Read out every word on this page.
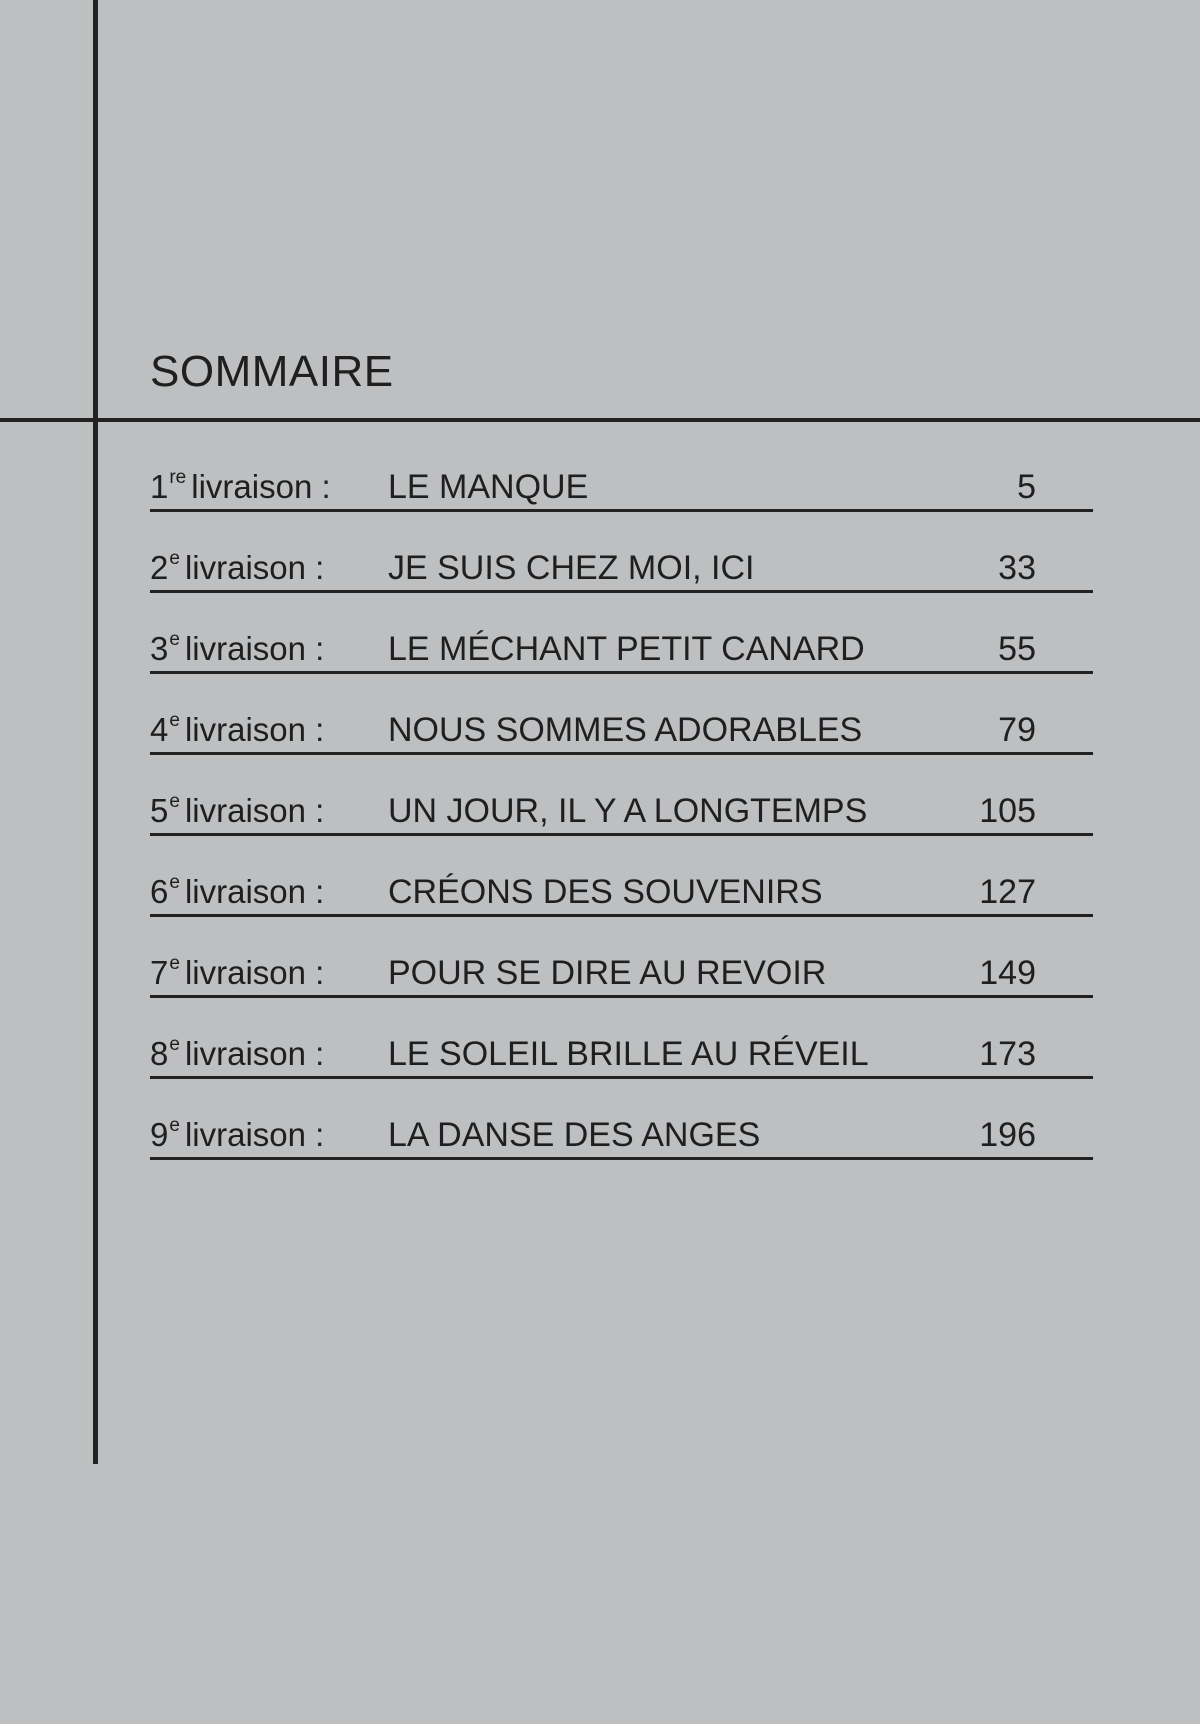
SOMMAIRE
1re livraison : LE MANQUE	5
2e livraison : JE SUIS CHEZ MOI, ICI	33
3e livraison : LE MÉCHANT PETIT CANARD	55
4e livraison : NOUS SOMMES ADORABLES	79
5e livraison : UN JOUR, IL Y A LONGTEMPS	105
6e livraison : CRÉONS DES SOUVENIRS	127
7e livraison : POUR SE DIRE AU REVOIR	149
8e livraison : LE SOLEIL BRILLE AU RÉVEIL	173
9e livraison : LA DANSE DES ANGES	196
